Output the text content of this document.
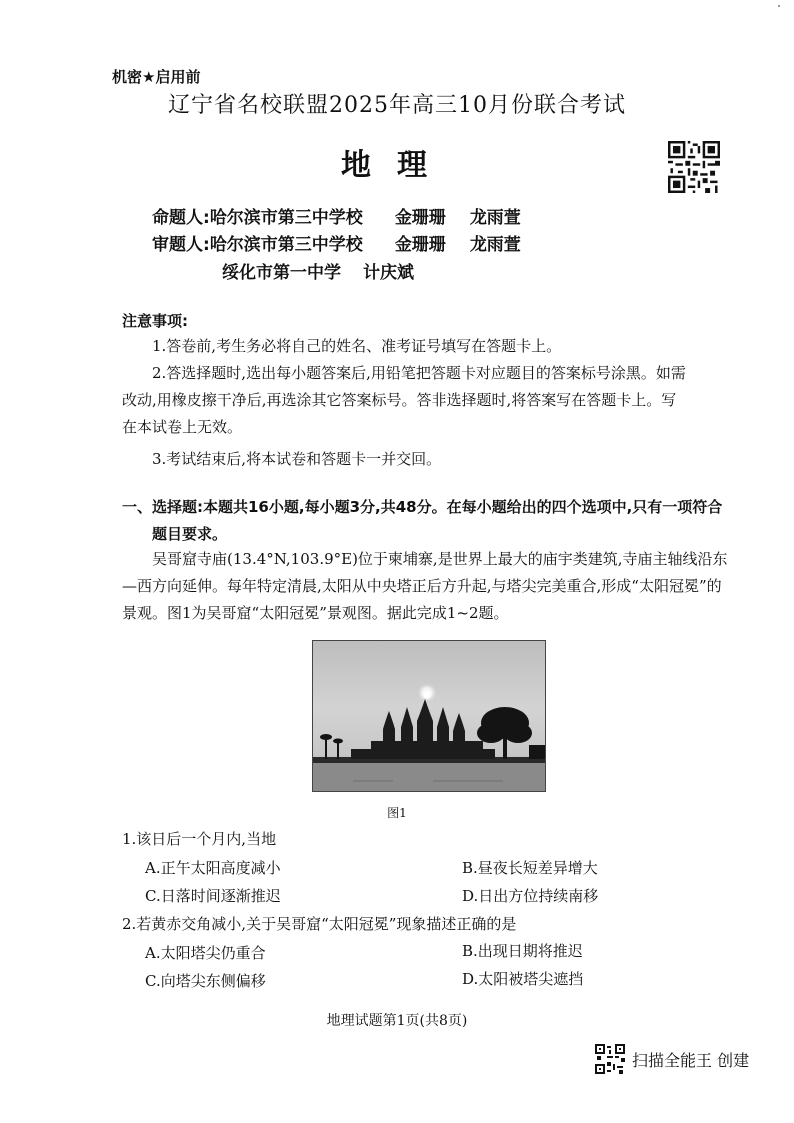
机密★启用前
辽宁省名校联盟2025年高三10月份联合考试
地理
命题人:哈尔滨市第三中学校 金珊珊 龙雨萱
审题人:哈尔滨市第三中学校 金珊珊 龙雨萱
绥化市第一中学 计庆斌
注意事项:
1.答卷前,考生务必将自己的姓名、准考证号填写在答题卡上。
2.答选择题时,选出每小题答案后,用铅笔把答题卡对应题目的答案标号涂黑。如需
改动,用橡皮擦干净后,再选涂其它答案标号。答非选择题时,将答案写在答题卡上。写
在本试卷上无效。
3.考试结束后,将本试卷和答题卡一并交回。
一、选择题:本题共16小题,每小题3分,共48分。在每小题给出的四个选项中,只有一项符合题目要求。
吴哥窟寺庙(13.4°N,103.9°E)位于柬埔寨,是世界上最大的庙宇类建筑,寺庙主轴线沿东—西方向延伸。每年特定清晨,太阳从中央塔正后方升起,与塔尖完美重合,形成“太阳冠冕”的景观。图1为吴哥窟“太阳冠冕”景观图。据此完成1~2题。
图1
1.该日后一个月内,当地
A.正午太阳高度减小	B.昼夜长短差异增大
C.日落时间逐渐推迟	D.日出方位持续南移
2.若黄赤交角减小,关于吴哥窟“太阳冠冕”现象描述正确的是
A.太阳塔尖仍重合	B.出现日期将推迟
C.向塔尖东侧偏移	D.太阳被塔尖遮挡
地理试题第1页(共8页)
扫描全能王 创建
